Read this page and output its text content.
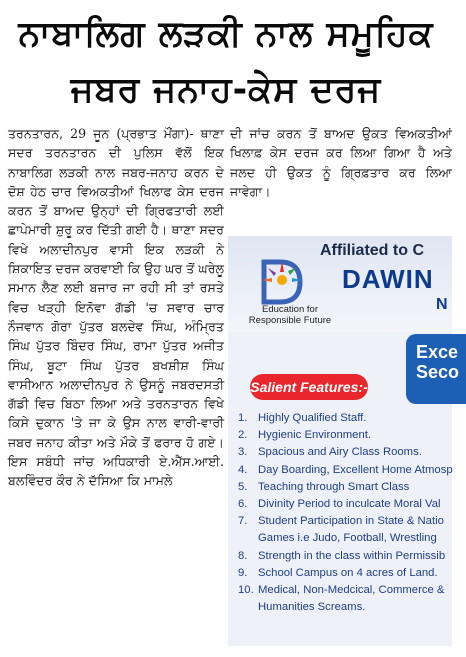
ਨਾਬਾਲਿਗ ਲੜਕੀ ਨਾਲ ਸਮੂਹਿਕ
ਜਬਰ ਜਨਾਹ-ਕੇਸ ਦਰਜ

ਤਰਨਤਾਰਨ, 29 ਜੂਨ (ਪ੍ਰਭਾਤ ਮੌਂਗਾ)- ਥਾਣਾ ਸਦਰ ਤਰਨਤਾਰਨ ਦੀ ਪੁਲਿਸ ਵੱਲੋਂ ਇਕ ਨਾਬਾਲਿਗ ਲੜਕੀ ਨਾਲ ਜਬਰ-ਜਨਾਹ ਕਰਨ ਦੇ ਦੋਸ਼ ਹੇਠ ਚਾਰ ਵਿਅਕਤੀਆਂ ਖਿਲਾਫ ਕੇਸ ਦਰਜ ਕਰਨ ਤੋਂ ਬਾਅਦ ਉਨ੍ਹਾਂ ਦੀ ਗ੍ਰਿਫਤਾਰੀ ਲਈ ਛਾਪੇਮਾਰੀ ਸ਼ੁਰੂ ਕਰ ਦਿੱਤੀ ਗਈ ਹੈ। ਥਾਣਾ ਸਦਰ ਵਿਖੇ ਅਲਾਦੀਨਪੁਰ ਵਾਸੀ ਇਕ ਲੜਕੀ ਨੇ ਸ਼ਿਕਾਇਤ ਦਰਜ ਕਰਵਾਈ ਕਿ ਉਹ ਘਰ ਤੋਂ ਘਰੇਲੂ ਸਮਾਨ ਲੈਣ ਲਈ ਬਜਾਰ ਜਾ ਰਹੀ ਸੀ ਤਾਂ ਰਸਤੇ ਵਿਚ ਖੜ੍ਹੀ ਇਨੋਵਾ ਗੱਡੀ 'ਚ ਸਵਾਰ ਚਾਰ ਨੌਜਵਾਨ ਗੋਰਾ ਪੁੱਤਰ ਬਲਦੇਵ ਸਿੰਘ, ਅੰਮ੍ਰਿਤ ਸਿੰਘ ਪੁੱਤਰ ਬਿੰਦਰ ਸਿੰਘ, ਰਾਮਾ ਪੁੱਤਰ ਅਜੀਤ ਸਿੰਘ, ਬੂਟਾ ਸਿੰਘ ਪੁੱਤਰ ਬਖਸ਼ੀਸ਼ ਸਿੰਘ ਵਾਸੀਆਨ ਅਲਾਦੀਨਪੁਰ ਨੇ ਉਸਨੂੰ ਜਬਰਦਸਤੀ ਗੱਡੀ ਵਿਚ ਬਿਠਾ ਲਿਆ ਅਤੇ ਤਰਨਤਾਰਨ ਵਿਖੇ ਕਿਸੇ ਦੁਕਾਨ 'ਤੇ ਜਾ ਕੇ ਉਸ ਨਾਲ ਵਾਰੀ-ਵਾਰੀ ਜਬਰ ਜਨਾਹ ਕੀਤਾ ਅਤੇ ਮੌਕੇ ਤੋਂ ਫਰਾਰ ਹੋ ਗਏ। ਇਸ ਸਬੰਧੀ ਜਾਂਚ ਅਧਿਕਾਰੀ ਏ.ਐੱਸ.ਆਈ. ਬਲਵਿੰਦਰ ਕੌਰ ਨੇ ਦੱਸਿਆ ਕਿ ਮਾਮਲੇ

ਦੀ ਜਾਂਚ ਕਰਨ ਤੋਂ ਬਾਅਦ ਉਕਤ ਵਿਅਕਤੀਆਂ ਖਿਲਾਫ਼ ਕੇਸ ਦਰਜ ਕਰ ਲਿਆ ਗਿਆ ਹੈ ਅਤੇ ਜਲਦ ਹੀ ਉਕਤ ਨੂੰ ਗ੍ਰਿਫ਼ਤਾਰ ਕਰ ਲਿਆ ਜਾਵੇਗਾ।

Affiliated to C
DAWIN
N
Education for Responsible Future
Exce
Seco
Salient Features:-
1. Highly Qualified Staff.
2. Hygienic Environment.
3. Spacious and Airy Class Rooms.
4. Day Boarding, Excellent Home Atmosp
5. Teaching through Smart Class
6. Divinity Period to inculcate Moral Val
7. Student Participation in State & Natio
Games i.e Judo, Football, Wrestling
8. Strength in the class within Permissib
9. School Campus on 4 acres of Land.
10. Medical, Non-Medcical, Commerce &
Humanities Screams.
